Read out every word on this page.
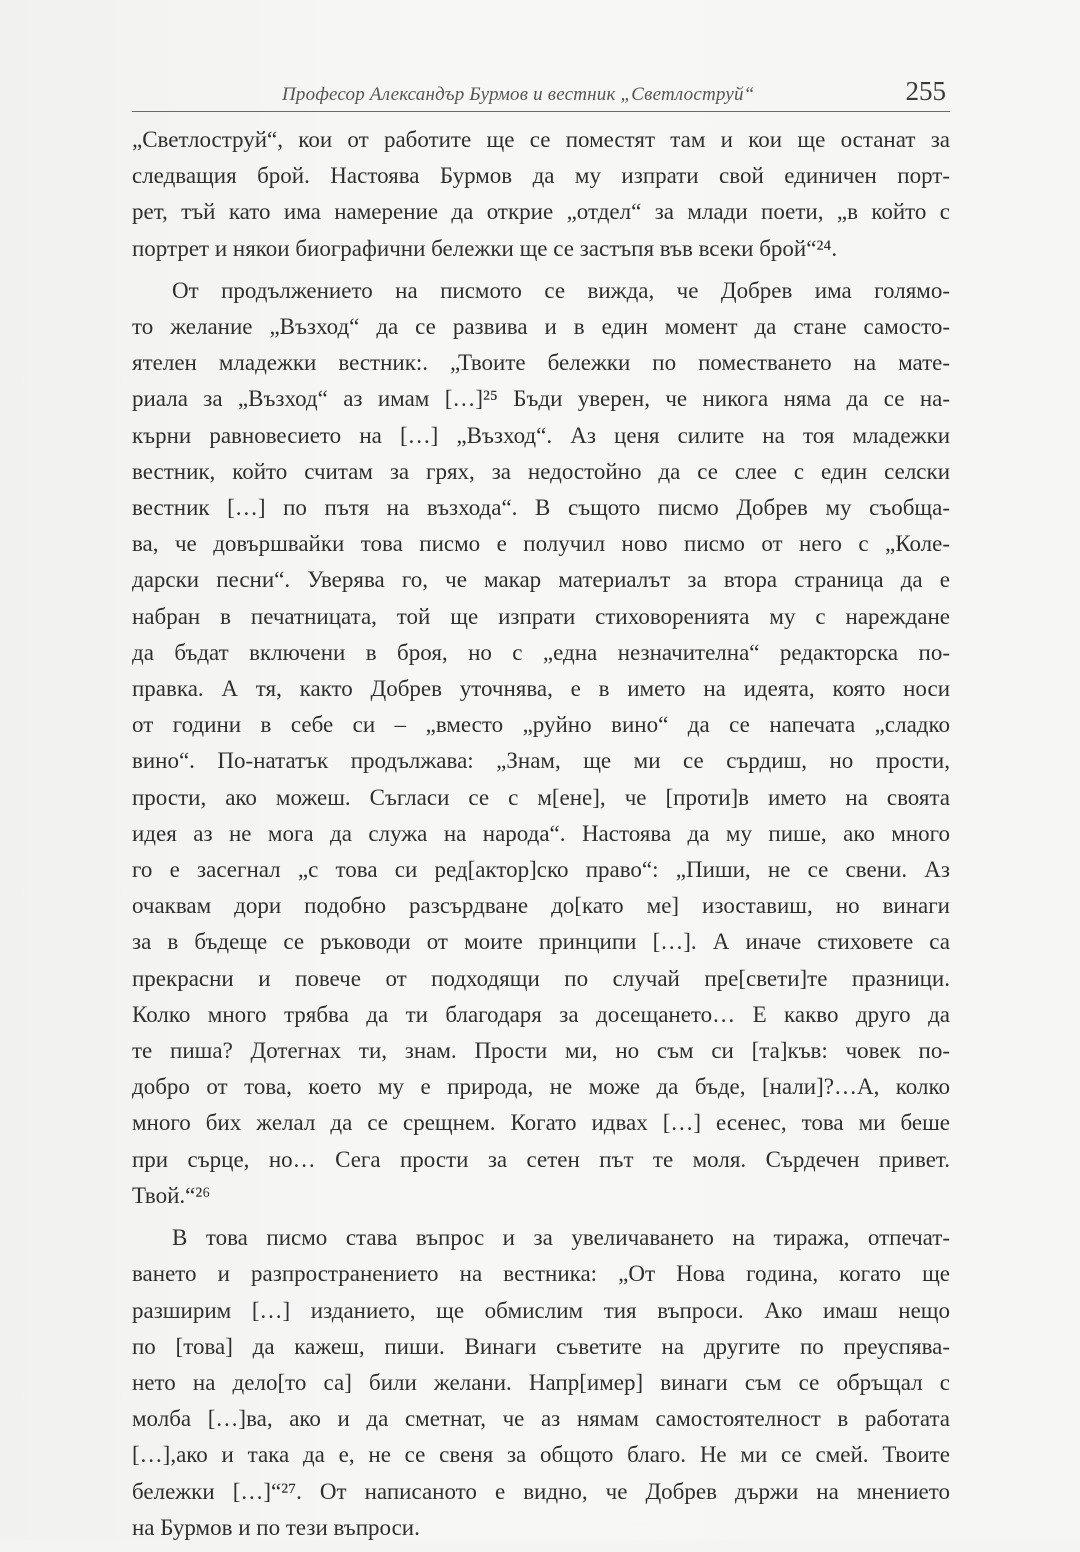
Професор Александър Бурмов и вестник „Светлоструй“	255

„Светлоструй“, кои от работите ще се поместят там и кои ще останат за

следващия брой. Настоява Бурмов да му изпрати свой единичен порт-

рет, тъй като има намерение да открие „отдел“ за млади поети, „в който с

портрет и някои биографични бележки ще се застъпя във всеки брой“²⁴.

От продължението на писмото се вижда, че Добрев има голямо-

то желание „Възход“ да се развива и в един момент да стане самосто-

ятелен младежки вестник:. „Твоите бележки по поместването на мате-

риала за „Възход“ аз имам […]²⁵ Бъди уверен, че никога няма да се на-

кърни равновесието на […] „Възход“. Аз ценя силите на тоя младежки

вестник, който считам за грях, за недостойно да се слее с един селски

вестник […] по пътя на възхода“. В същото писмо Добрев му съобща-

ва, че довършвайки това писмо е получил ново писмо от него с „Коле-

дарски песни“. Уверява го, че макар материалът за втора страница да е

набран в печатницата, той ще изпрати стиховоренията му с нареждане

да бъдат включени в броя, но с „една незначителна“ редакторска по-

правка. А тя, както Добрев уточнява, е в името на идеята, която носи

от години в себе си – „вместо „руйно вино“ да се напечата „сладко

вино“. По-нататък продължава: „Знам, ще ми се сърдиш, но прости,

прости, ако можеш. Съгласи се с м[ене], че [проти]в името на своята

идея аз не мога да служа на народа“. Настоява да му пише, ако много

го е засегнал „с това си ред[актор]ско право“: „Пиши, не се свени. Аз

очаквам дори подобно разсърдване до[като ме] изоставиш, но винаги

за в бъдеще се ръководи от моите принципи […]. А иначе стиховете са

прекрасни и повече от подходящи по случай пре[свети]те празници.

Колко много трябва да ти благодаря за досещането… Е какво друго да

те пиша? Дотегнах ти, знам. Прости ми, но съм си [та]къв: човек по-

добро от това, което му е природа, не може да бъде, [нали]?…А, колко

много бих желал да се срещнем. Когато идвах […] есенес, това ми беше

при сърце, но… Сега прости за сетен път те моля. Сърдечен привет.

Твой.“²⁶

В това писмо става въпрос и за увеличаването на тиража, отпечат-

ването и разпространението на вестника: „От Нова година, когато ще

разширим […] изданието, ще обмислим тия въпроси. Ако имаш нещо

по [това] да кажеш, пиши. Винаги съветите на другите по преуспява-

нето на дело[то са] били желани. Напр[имер] винаги съм се обръщал с

молба […]ва, ако и да сметнат, че аз нямам самостоятелност в работата

[…],ако и така да е, не се свеня за общото благо. Не ми се смей. Твоите

бележки […]“²⁷. От написаното е видно, че Добрев държи на мнението

на Бурмов и по тези въпроси.
